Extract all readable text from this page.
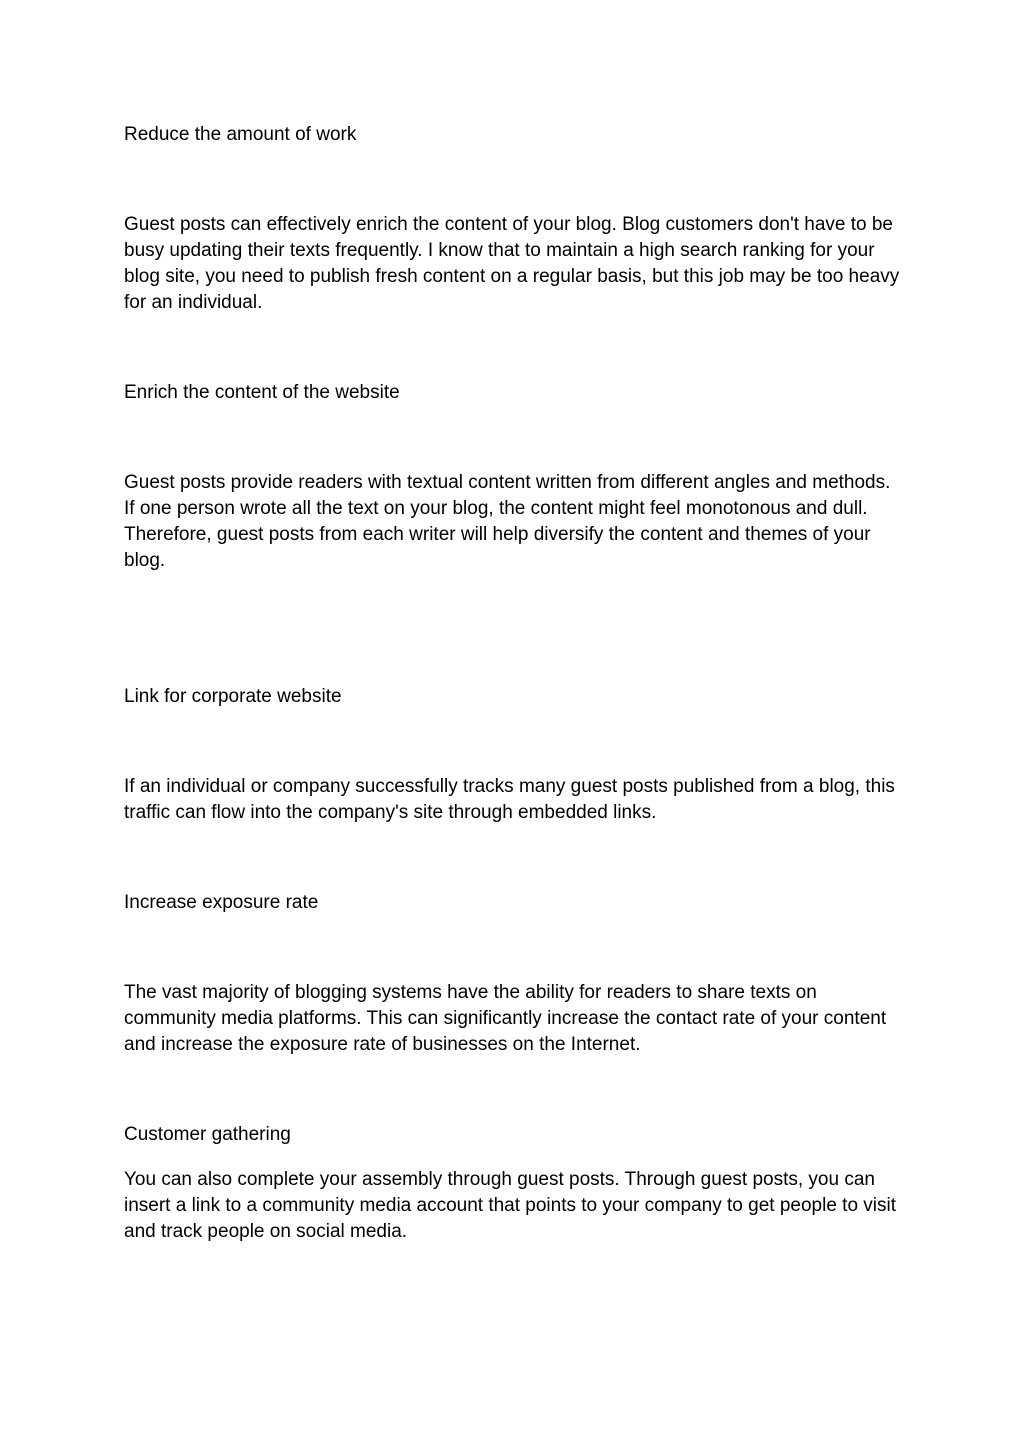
Reduce the amount of work

Guest posts can effectively enrich the content of your blog. Blog customers don't have to be busy updating their texts frequently. I know that to maintain a high search ranking for your blog site, you need to publish fresh content on a regular basis, but this job may be too heavy for an individual.

Enrich the content of the website

Guest posts provide readers with textual content written from different angles and methods. If one person wrote all the text on your blog, the content might feel monotonous and dull. Therefore, guest posts from each writer will help diversify the content and themes of your blog.

Link for corporate website

If an individual or company successfully tracks many guest posts published from a blog, this traffic can flow into the company's site through embedded links.

Increase exposure rate

The vast majority of blogging systems have the ability for readers to share texts on community media platforms. This can significantly increase the contact rate of your content and increase the exposure rate of businesses on the Internet.

Customer gathering

You can also complete your assembly through guest posts. Through guest posts, you can insert a link to a community media account that points to your company to get people to visit and track people on social media.
